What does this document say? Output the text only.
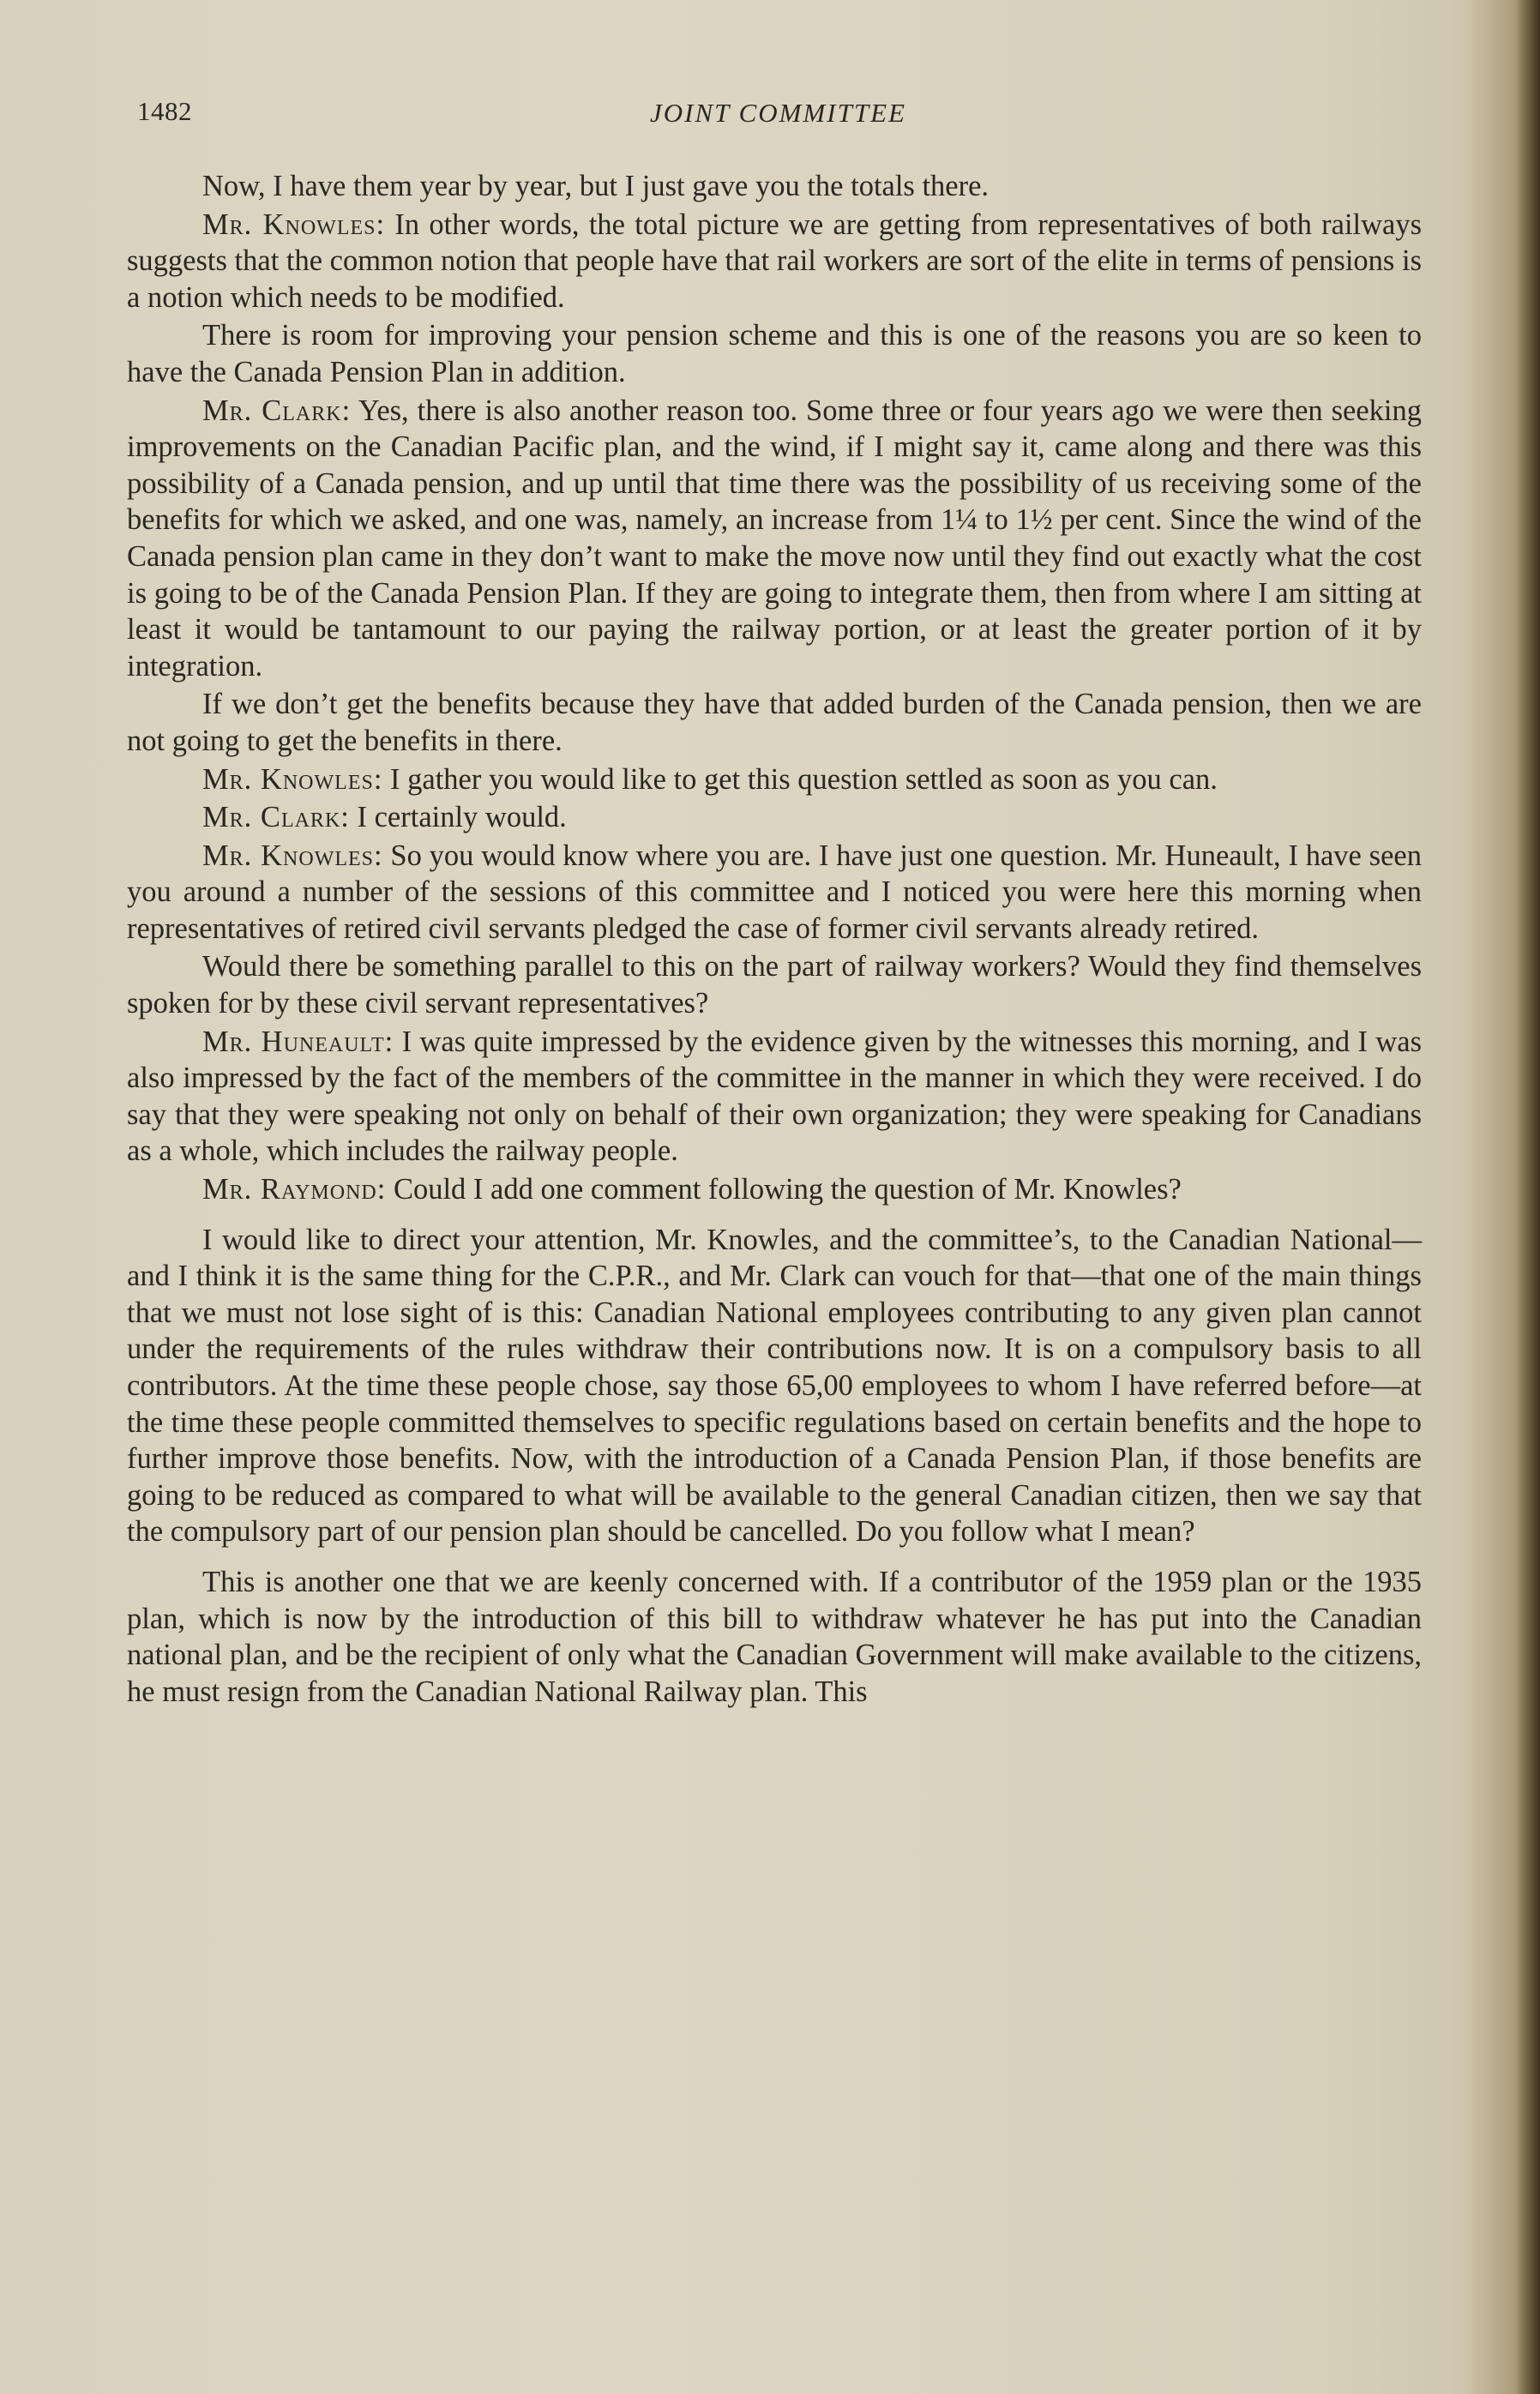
1482	JOINT COMMITTEE

Now, I have them year by year, but I just gave you the totals there.

Mr. Knowles: In other words, the total picture we are getting from representatives of both railways suggests that the common notion that people have that rail workers are sort of the elite in terms of pensions is a notion which needs to be modified.

There is room for improving your pension scheme and this is one of the reasons you are so keen to have the Canada Pension Plan in addition.

Mr. Clark: Yes, there is also another reason too. Some three or four years ago we were then seeking improvements on the Canadian Pacific plan, and the wind, if I might say it, came along and there was this possibility of a Canada pension, and up until that time there was the possibility of us receiving some of the benefits for which we asked, and one was, namely, an increase from 1¼ to 1½ per cent. Since the wind of the Canada pension plan came in they don’t want to make the move now until they find out exactly what the cost is going to be of the Canada Pension Plan. If they are going to integrate them, then from where I am sitting at least it would be tantamount to our paying the railway portion, or at least the greater portion of it by integration.

If we don’t get the benefits because they have that added burden of the Canada pension, then we are not going to get the benefits in there.

Mr. Knowles: I gather you would like to get this question settled as soon as you can.

Mr. Clark: I certainly would.

Mr. Knowles: So you would know where you are. I have just one question. Mr. Huneault, I have seen you around a number of the sessions of this committee and I noticed you were here this morning when representatives of retired civil servants pledged the case of former civil servants already retired.

Would there be something parallel to this on the part of railway workers? Would they find themselves spoken for by these civil servant representatives?

Mr. Huneault: I was quite impressed by the evidence given by the witnesses this morning, and I was also impressed by the fact of the members of the committee in the manner in which they were received. I do say that they were speaking not only on behalf of their own organization; they were speaking for Canadians as a whole, which includes the railway people.

Mr. Raymond: Could I add one comment following the question of Mr. Knowles?

I would like to direct your attention, Mr. Knowles, and the committee’s, to the Canadian National—and I think it is the same thing for the C.P.R., and Mr. Clark can vouch for that—that one of the main things that we must not lose sight of is this: Canadian National employees contributing to any given plan cannot under the requirements of the rules withdraw their contributions now. It is on a compulsory basis to all contributors. At the time these people chose, say those 65,00 employees to whom I have referred before—at the time these people committed themselves to specific regulations based on certain benefits and the hope to further improve those benefits. Now, with the introduction of a Canada Pension Plan, if those benefits are going to be reduced as compared to what will be available to the general Canadian citizen, then we say that the compulsory part of our pension plan should be cancelled. Do you follow what I mean?

This is another one that we are keenly concerned with. If a contributor of the 1959 plan or the 1935 plan, which is now by the introduction of this bill to withdraw whatever he has put into the Canadian national plan, and be the recipient of only what the Canadian Government will make available to the citizens, he must resign from the Canadian National Railway plan. This
